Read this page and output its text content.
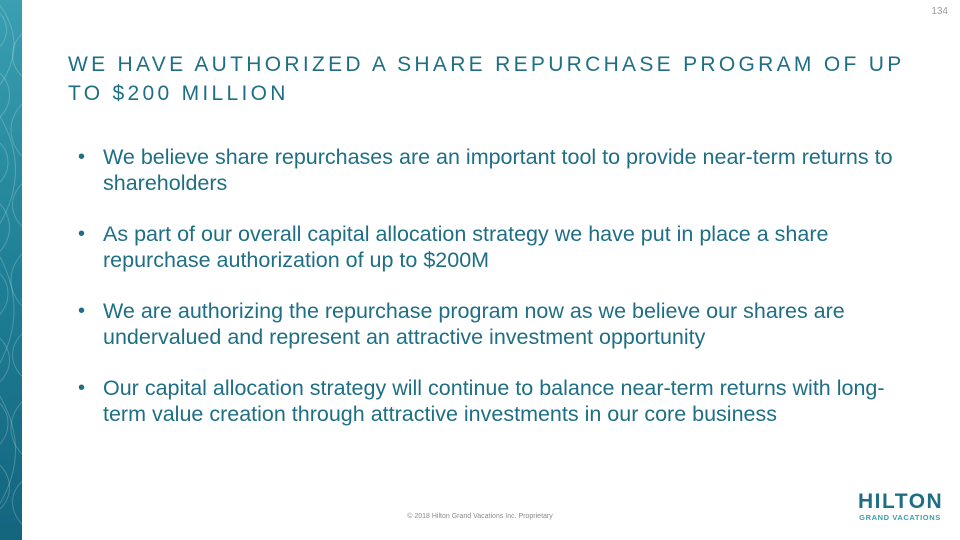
134
WE HAVE AUTHORIZED A SHARE REPURCHASE PROGRAM OF UP TO $200 MILLION
• We believe share repurchases are an important tool to provide near-term returns to shareholders
• As part of our overall capital allocation strategy we have put in place a share repurchase authorization of up to $200M
• We are authorizing the repurchase program now as we believe our shares are undervalued and represent an attractive investment opportunity
• Our capital allocation strategy will continue to balance near-term returns with long-term value creation through attractive investments in our core business
© 2018 Hilton Grand Vacations Inc. Proprietary
HILTON
GRAND VACATIONS
